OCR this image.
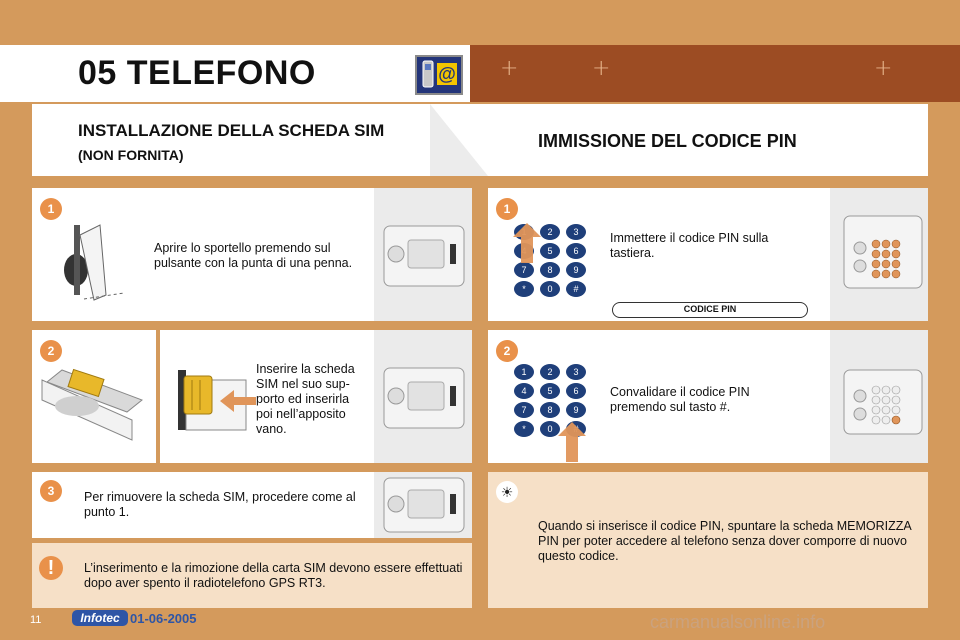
05 TELEFONO	@ +	+	+
INSTALLAZIONE DELLA SCHEDA SIM
(NON FORNITA)
IMMISSIONE DEL CODICE PIN
1
Aprire lo sportello premendo sul pulsante con la punta di una penna.
2
Inserire la scheda SIM nel suo sup-porto ed inserirla poi nell’apposito vano.
3	Per rimuovere la scheda SIM, procedere come al punto 1.
!	L’inserimento e la rimozione della carta SIM devono essere effettuati dopo aver spento il radiotelefono GPS RT3.
1
2 3
5 6
7 8 9
* 0 #
Immettere il codice PIN sulla tastiera.
CODICE PIN
2
1 2 3
4 5 6
7 8 9
* 0
Convalidare il codice PIN premendo sul tasto #.
☀
Quando si inserisce il codice PIN, spuntare la scheda MEMORIZZA PIN per poter accedere al telefono senza dover comporre di nuovo questo codice.
11	Infotec 01-06-2005	carmanualsonline.info
